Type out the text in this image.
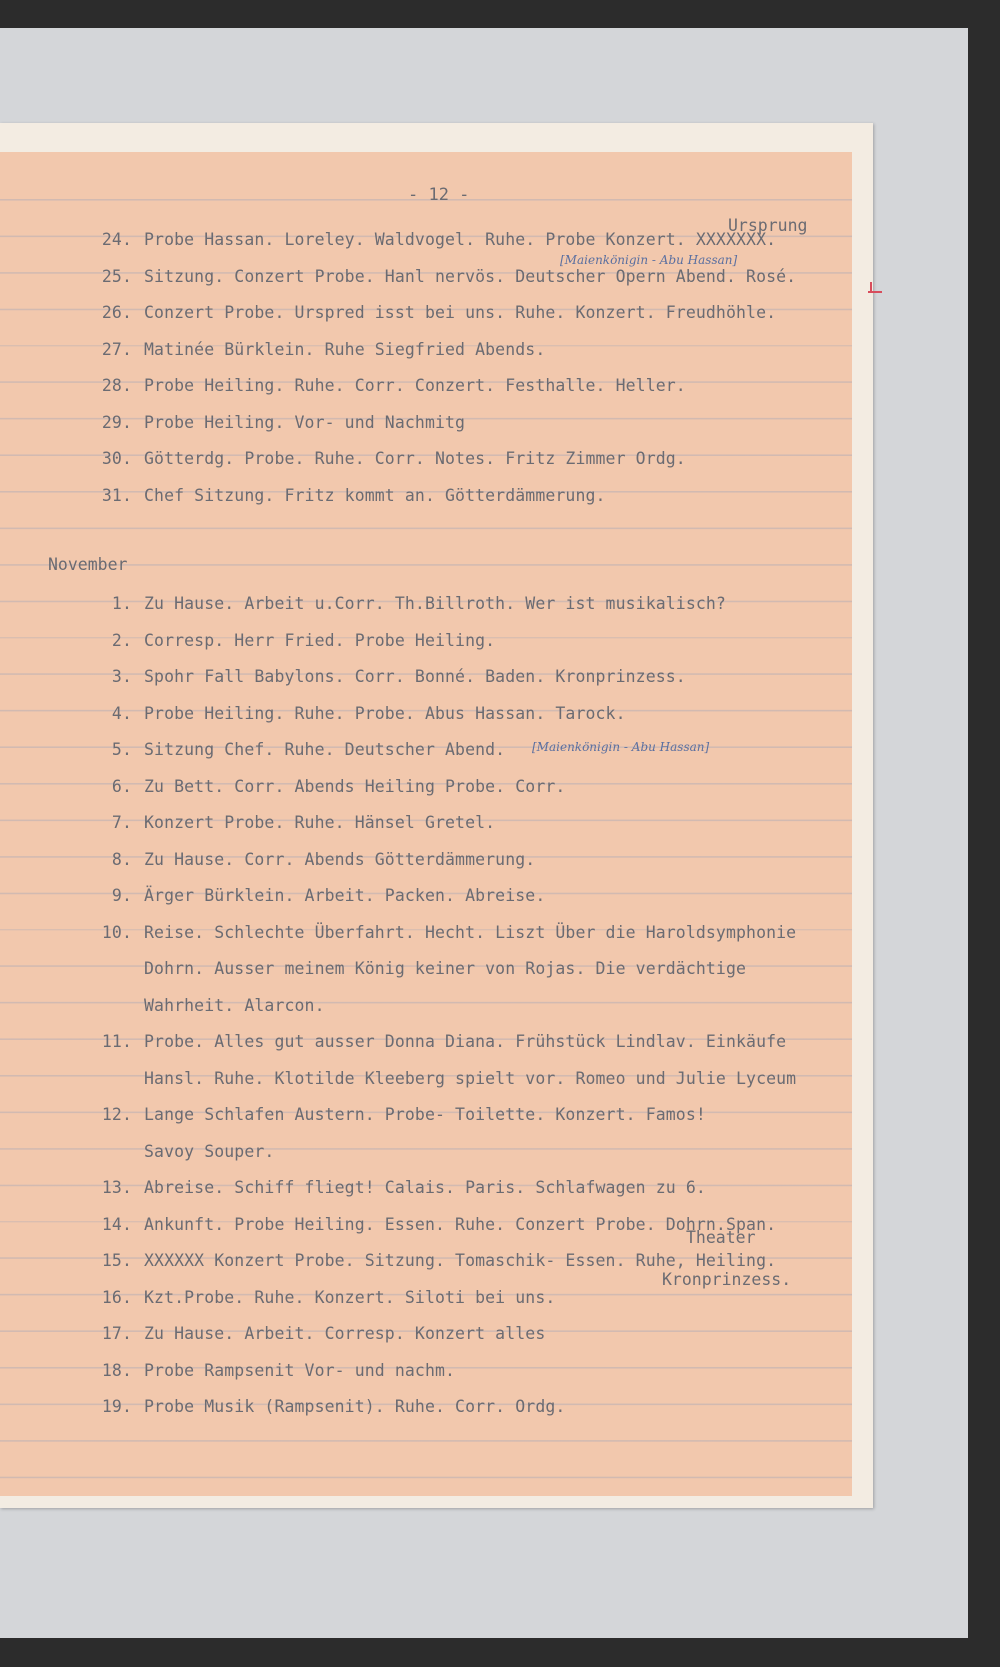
- 12 -
Ursprung
[Maienkönigin - Abu Hassan]
24. Probe Hassan. Loreley. Waldvogel. Ruhe. Probe Konzert. XXXXXXX.
25. Sitzung. Conzert Probe. Hanl nervös. Deutscher Opern Abend. Rosé.
26. Conzert Probe. Urspred isst bei uns. Ruhe. Konzert. Freudhöhle.
27. Matinée Bürklein. Ruhe Siegfried Abends.
28. Probe Heiling. Ruhe. Corr. Conzert. Festhalle. Heller.
29. Probe Heiling. Vor- und Nachmitg
30. Götterdg. Probe. Ruhe. Corr. Notes. Fritz Zimmer Ordg.
31. Chef Sitzung. Fritz kommt an. Götterdämmerung.
November
Theater
Kronprinzess.
[Maienkönigin - Abu Hassan]
1. Zu Hause. Arbeit u.Corr. Th.Billroth. Wer ist musikalisch?
2. Corresp. Herr Fried. Probe Heiling.
3. Spohr Fall Babylons. Corr. Bonné. Baden. Kronprinzess.
4. Probe Heiling. Ruhe. Probe. Abus Hassan. Tarock.
5. Sitzung Chef. Ruhe. Deutscher Abend.
6. Zu Bett. Corr. Abends Heiling Probe. Corr.
7. Konzert Probe. Ruhe. Hänsel Gretel.
8. Zu Hause. Corr. Abends Götterdämmerung.
9. Ärger Bürklein. Arbeit. Packen. Abreise.
10. Reise. Schlechte Überfahrt. Hecht. Liszt Über die Haroldsymphonie
Dohrn. Ausser meinem König keiner von Rojas. Die verdächtige
Wahrheit. Alarcon.
11. Probe. Alles gut ausser Donna Diana. Frühstück Lindlav. Einkäufe
Hansl. Ruhe. Klotilde Kleeberg spielt vor. Romeo und Julie Lyceum
12. Lange Schlafen Austern. Probe- Toilette. Konzert. Famos!
Savoy Souper.
13. Abreise. Schiff fliegt! Calais. Paris. Schlafwagen zu 6.
14. Ankunft. Probe Heiling. Essen. Ruhe. Conzert Probe. Dohrn.Span.
15. XXXXXX Konzert Probe. Sitzung. Tomaschik- Essen. Ruhe, Heiling.
16. Kzt.Probe. Ruhe. Konzert. Siloti bei uns.
17. Zu Hause. Arbeit. Corresp. Konzert alles
18. Probe Rampsenit Vor- und nachm.
19. Probe Musik (Rampsenit). Ruhe. Corr. Ordg.
